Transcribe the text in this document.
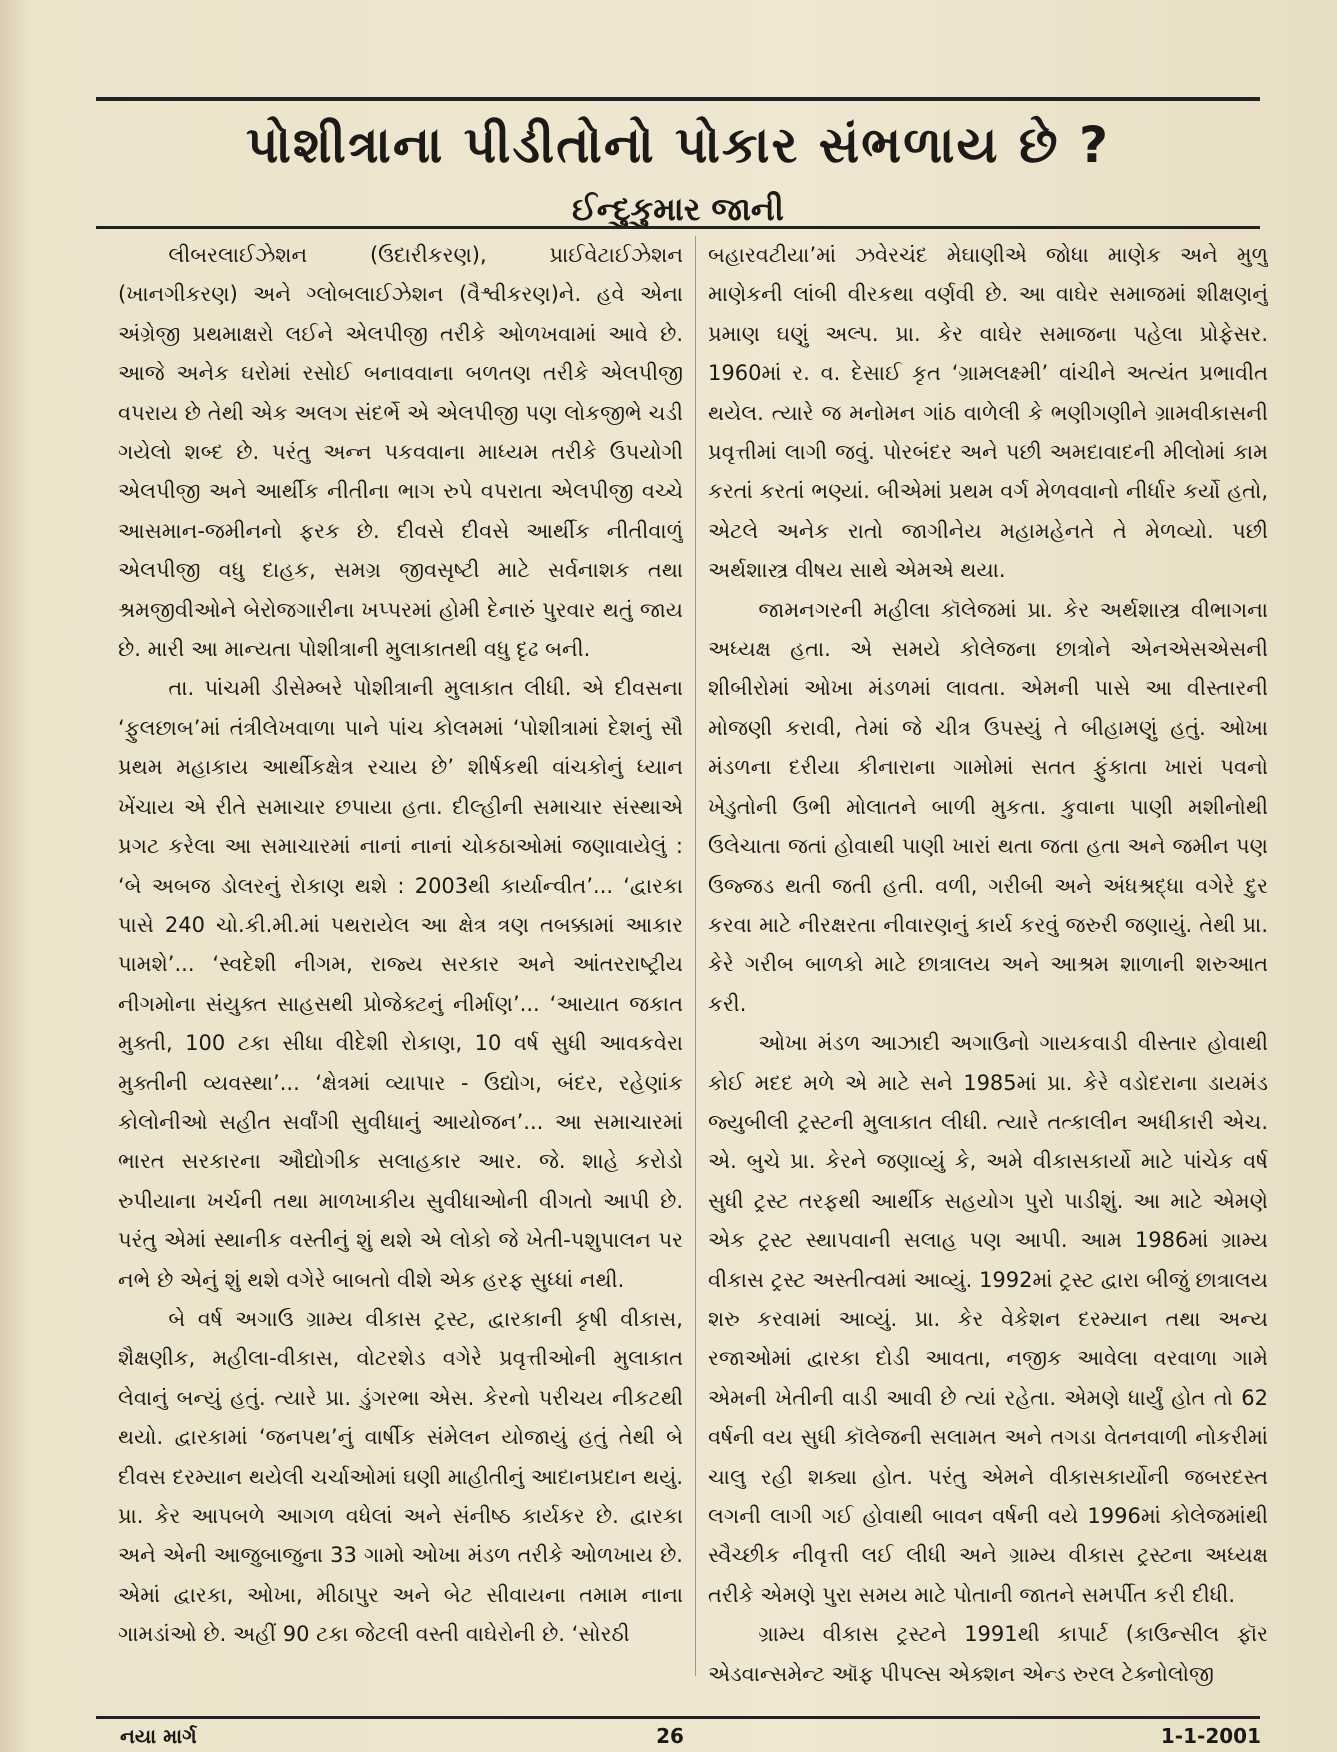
પોશીત્રાના પીડીતોનો પોકાર સંભળાય છે ?
ઈન્દુકુમાર જાની

લીબરલાઈઝેશન (ઉદારીકરણ), પ્રાઈવેટાઈઝેશન (ખાનગીકરણ) અને ગ્લોબલાઈઝેશન (વૈશ્વીકરણ)ને. હવે એના અંગ્રેજી પ્રથમાક્ષરો લઈને એલપીજી તરીકે ઓળખવામાં આવે છે. આજે અનેક ઘરોમાં રસોઈ બનાવવાના બળતણ તરીકે એલપીજી વપરાય છે તેથી એક અલગ સંદર્ભે એ એલપીજી પણ લોકજીભે ચડી ગયેલો શબ્દ છે. પરંતુ અન્ન પકવવાના માધ્યમ તરીકે ઉપયોગી એલપીજી અને આર્થીક નીતીના ભાગ રુપે વપરાતા એલપીજી વચ્ચે આસમાન-જમીનનો ફરક છે. દીવસે દીવસે આર્થીક નીતીવાળું એલપીજી વધુ દાહક, સમગ્ર જીવસૃષ્ટી માટે સર્વનાશક તથા શ્રમજીવીઓને બેરોજગારીના ખપ્પરમાં હોમી દેનારું પુરવાર થતું જાય છે. મારી આ માન્યતા પોશીત્રાની મુલાકાતથી વધુ દૃઢ બની.

તા. પાંચમી ડીસેમ્બરે પોશીત્રાની મુલાકાત લીધી. એ દીવસના ‘ફુલછાબ’માં તંત્રીલેખવાળા પાને પાંચ કોલમમાં ‘પોશીત્રામાં દેશનું સૌ પ્રથમ મહાકાય આર્થીકક્ષેત્ર રચાય છે’ શીર્ષકથી વાંચકોનું ધ્યાન ખેંચાય એ રીતે સમાચાર છપાયા હતા. દીલ્હીની સમાચાર સંસ્થાએ પ્રગટ કરેલા આ સમાચારમાં નાનાં નાનાં ચોકઠાઓમાં જણાવાયેલું : ‘બે અબજ ડોલરનું રોકાણ થશે : 2003થી કાર્યાન્વીત’... ‘દ્વારકા પાસે 240 ચો.કી.મી.માં પથરાયેલ આ ક્ષેત્ર ત્રણ તબક્કામાં આકાર પામશે’... ‘સ્વદેશી નીગમ, રાજ્ય સરકાર અને આંતરરાષ્ટ્રીય નીગમોના સંયુક્ત સાહસથી પ્રોજેક્ટનું નીર્માણ’... ‘આયાત જકાત મુક્તી, 100 ટકા સીધા વીદેશી રોકાણ, 10 વર્ષ સુધી આવકવેરા મુક્તીની વ્યવસ્થા’... ‘ક્ષેત્રમાં વ્યાપાર - ઉદ્યોગ, બંદર, રહેણાંક કોલોનીઓ સહીત સર્વાંગી સુવીધાનું આયોજન’... આ સમાચારમાં ભારત સરકારના ઔદ્યોગીક સલાહકાર આર. જે. શાહે કરોડો રુપીયાના ખર્ચની તથા માળખાકીય સુવીધાઓની વીગતો આપી છે. પરંતુ એમાં સ્થાનીક વસ્તીનું શું થશે એ લોકો જે ખેતી-પશુપાલન પર નભે છે એનું શું થશે વગેરે બાબતો વીશે એક હરફ સુધ્ધાં નથી.

બે વર્ષ અગાઉ ગ્રામ્ય વીકાસ ટ્રસ્ટ, દ્વારકાની કૃષી વીકાસ, શૈક્ષણીક, મહીલા-વીકાસ, વોટરશેડ વગેરે પ્રવૃત્તીઓની મુલાકાત લેવાનું બન્યું હતું. ત્યારે પ્રા. ડુંગરભા એસ. કેરનો પરીચય નીકટથી થયો. દ્વારકામાં ‘જનપથ’નું વાર્ષીક સંમેલન યોજાયું હતું તેથી બે દીવસ દરમ્યાન થયેલી ચર્ચાઓમાં ઘણી માહીતીનું આદાનપ્રદાન થયું. પ્રા. કેર આપબળે આગળ વધેલાં અને સંનીષ્ઠ કાર્યકર છે. દ્વારકા અને એની આજુબાજુના 33 ગામો ઓખા મંડળ તરીકે ઓળખાય છે. એમાં દ્વારકા, ઓખા, મીઠાપુર અને બેટ સીવાયના તમામ નાના ગામડાંઓ છે. અહીં 90 ટકા જેટલી વસ્તી વાઘેરોની છે. ‘સોરઠી

બહારવટીયા’માં ઝવેરચંદ મેઘાણીએ જોધા માણેક અને મુળુ માણેકની લાંબી વીરકથા વર્ણવી છે. આ વાઘેર સમાજમાં શીક્ષણનું પ્રમાણ ઘણું અલ્પ. પ્રા. કેર વાઘેર સમાજના પહેલા પ્રોફેસર. 1960માં ર. વ. દેસાઈ કૃત ‘ગ્રામલક્ષ્મી’ વાંચીને અત્યંત પ્રભાવીત થયેલ. ત્યારે જ મનોમન ગાંઠ વાળેલી કે ભણીગણીને ગ્રામવીકાસની પ્રવૃત્તીમાં લાગી જવું. પોરબંદર અને પછી અમદાવાદની મીલોમાં કામ કરતાં કરતાં ભણ્યાં. બીએમાં પ્રથમ વર્ગ મેળવવાનો નીર્ધાર કર્યો હતો, એટલે અનેક રાતો જાગીનેય મહામહેનતે તે મેળવ્યો. પછી અર્થશાસ્ત્ર વીષય સાથે એમએ થયા.

જામનગરની મહીલા કૉલેજમાં પ્રા. કેર અર્થશાસ્ત્ર વીભાગના અધ્યક્ષ હતા. એ સમયે કોલેજના છાત્રોને એનએસએસની શીબીરોમાં ઓખા મંડળમાં લાવતા. એમની પાસે આ વીસ્તારની મોજણી કરાવી, તેમાં જે ચીત્ર ઉપસ્યું તે બીહામણું હતું. ઓખા મંડળના દરીયા કીનારાના ગામોમાં સતત ફુંકાતા ખારાં પવનો ખેડુતોની ઉભી મોલાતને બાળી મુકતા. કુવાના પાણી મશીનોથી ઉલેચાતા જતાં હોવાથી પાણી ખારાં થતા જતા હતા અને જમીન પણ ઉજ્જડ થતી જતી હતી. વળી, ગરીબી અને અંધશ્રદ્ધા વગેરે દુર કરવા માટે નીરક્ષરતા નીવારણનું કાર્ય કરવું જરુરી જણાયું. તેથી પ્રા. કેરે ગરીબ બાળકો માટે છાત્રાલય અને આશ્રમ શાળાની શરુઆત કરી.

ઓખા મંડળ આઝાદી અગાઉનો ગાયકવાડી વીસ્તાર હોવાથી કોઈ મદદ મળે એ માટે સને 1985માં પ્રા. કેરે વડોદરાના ડાયમંડ જ્યુબીલી ટ્રસ્ટની મુલાકાત લીધી. ત્યારે તત્કાલીન અધીકારી એચ. એ. બુચે પ્રા. કેરને જણાવ્યું કે, અમે વીકાસકાર્યો માટે પાંચેક વર્ષ સુધી ટ્રસ્ટ તરફથી આર્થીક સહયોગ પુરો પાડીશું. આ માટે એમણે એક ટ્રસ્ટ સ્થાપવાની સલાહ પણ આપી. આમ 1986માં ગ્રામ્ય વીકાસ ટ્રસ્ટ અસ્તીત્વમાં આવ્યું. 1992માં ટ્રસ્ટ દ્વારા બીજું છાત્રાલય શરુ કરવામાં આવ્યું. પ્રા. કેર વેકેશન દરમ્યાન તથા અન્ય રજાઓમાં દ્વારકા દોડી આવતા, નજીક આવેલા વરવાળા ગામે એમની ખેતીની વાડી આવી છે ત્યાં રહેતા. એમણે ધાર્યું હોત તો 62 વર્ષની વય સુધી કૉલેજની સલામત અને તગડા વેતનવાળી નોકરીમાં ચાલુ રહી શક્યા હોત. પરંતુ એમને વીકાસકાર્યોની જબરદસ્ત લગની લાગી ગઈ હોવાથી બાવન વર્ષની વયે 1996માં કોલેજમાંથી સ્વૈચ્છીક નીવૃત્તી લઈ લીધી અને ગ્રામ્ય વીકાસ ટ્રસ્ટના અધ્યક્ષ તરીકે એમણે પુરા સમય માટે પોતાની જાતને સમર્પીત કરી દીધી.

ગ્રામ્ય વીકાસ ટ્રસ્ટને 1991થી કાપાર્ટ (કાઉન્સીલ ફૉર એડવાન્સમેન્ટ ઑફ પીપલ્સ એક્શન એન્ડ રુરલ ટેક્નોલોજી

નયા માર્ગ	26	1-1-2001
